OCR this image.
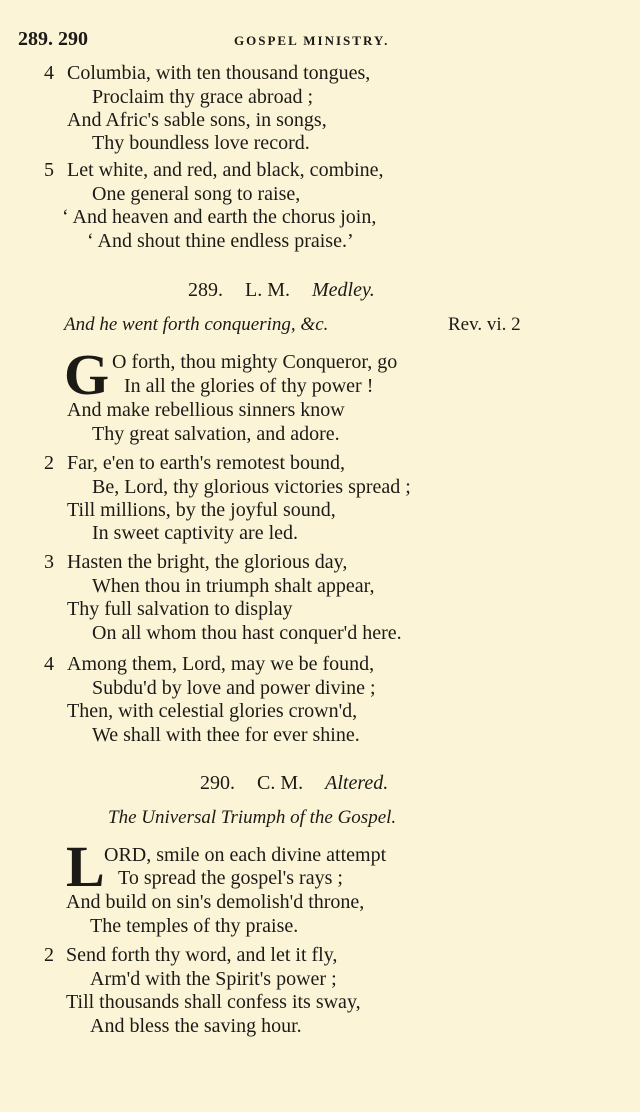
289. 290	GOSPEL MINISTRY.
4 Columbia, with ten thousand tongues,
Proclaim thy grace abroad ;
And Afric's sable sons, in songs,
Thy boundless love record.
5 Let white, and red, and black, combine,
One general song to raise,
‘ And heaven and earth the chorus join,
‘ And shout thine endless praise.’
289. L. M. Medley.
And he went forth conquering, &c.	Rev. vi. 2
G O forth, thou mighty Conqueror, go
In all the glories of thy power !
And make rebellious sinners know
Thy great salvation, and adore.
2 Far, e'en to earth's remotest bound,
Be, Lord, thy glorious victories spread ;
Till millions, by the joyful sound,
In sweet captivity are led.
3 Hasten the bright, the glorious day,
When thou in triumph shalt appear,
Thy full salvation to display
On all whom thou hast conquer'd here.
4 Among them, Lord, may we be found,
Subdu'd by love and power divine ;
Then, with celestial glories crown'd,
We shall with thee for ever shine.
290. C. M. Altered.
The Universal Triumph of the Gospel.
L ORD, smile on each divine attempt
To spread the gospel's rays ;
And build on sin's demolish'd throne,
The temples of thy praise.
2 Send forth thy word, and let it fly,
Arm'd with the Spirit's power ;
Till thousands shall confess its sway,
And bless the saving hour.
